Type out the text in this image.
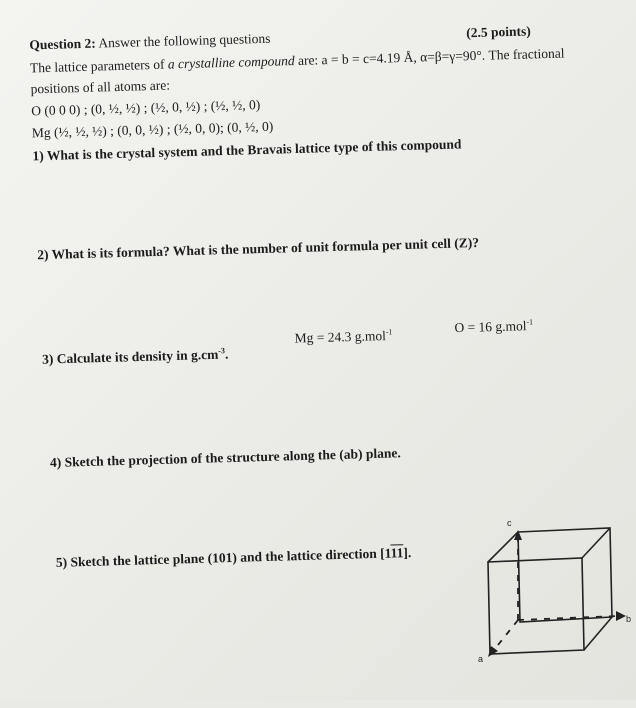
Question 2: Answer the following questions	(2.5 points)
The lattice parameters of a crystalline compound are: a = b = c=4.19 Å, α=β=γ=90°. The fractional
positions of all atoms are:
O (0 0 0) ; (0, ½, ½) ; (½, 0, ½) ; (½, ½, 0)
Mg (½, ½, ½) ; (0, 0, ½) ; (½, 0, 0); (0, ½, 0)
1) What is the crystal system and the Bravais lattice type of this compound
2) What is its formula? What is the number of unit formula per unit cell (Z)?
3) Calculate its density in $g.cm^{-3}$.
Mg = 24.3 g.mol$^{-1}$	O = 16 g.mol$^{-1}$
4) Sketch the projection of the structure along the (ab) plane.
5) Sketch the lattice plane (101) and the lattice direction [111].
c
b
a
